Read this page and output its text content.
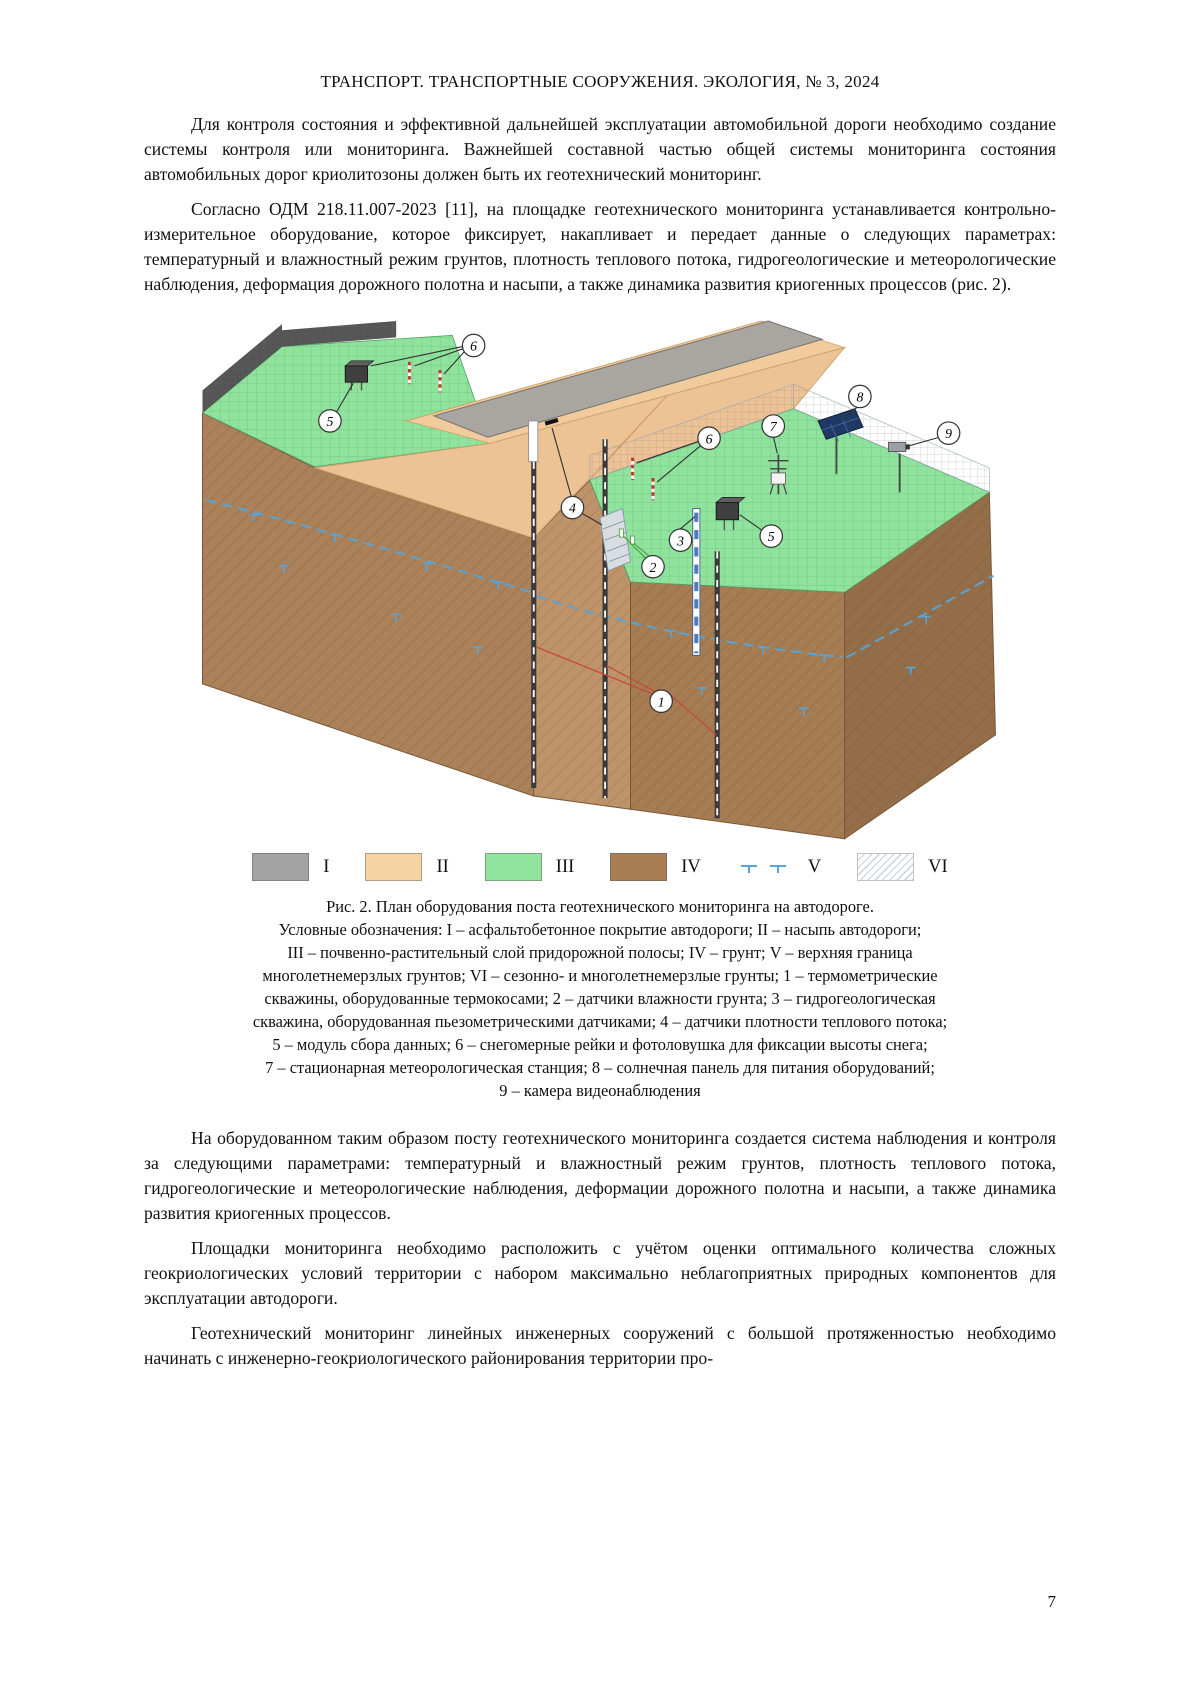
ТРАНСПОРТ. ТРАНСПОРТНЫЕ СООРУЖЕНИЯ. ЭКОЛОГИЯ, № 3, 2024

Для контроля состояния и эффективной дальнейшей эксплуатации автомобильной дороги необходимо создание системы контроля или мониторинга. Важнейшей составной частью общей системы мониторинга состояния автомобильных дорог криолитозоны должен быть их геотехнический мониторинг.

Согласно ОДМ 218.11.007-2023 [11], на площадке геотехнического мониторинга устанавливается контрольно-измерительное оборудование, которое фиксирует, накапливает и передает данные о следующих параметрах: температурный и влажностный режим грунтов, плотность теплового потока, гидрогеологические и метеорологические наблюдения, деформация дорожного полотна и насыпи, а также динамика развития криогенных процессов (рис. 2).

1
2
3
4
5
5
6
6
7
8
9
I	II	III	IV	V	VI
Рис. 2. План оборудования поста геотехнического мониторинга на автодороге.
Условные обозначения: I – асфальтобетонное покрытие автодороги; II – насыпь автодороги;
III – почвенно-растительный слой придорожной полосы; IV – грунт; V – верхняя граница
многолетнемерзлых грунтов; VI – сезонно- и многолетнемерзлые грунты; 1 – термометрические
скважины, оборудованные термокосами; 2 – датчики влажности грунта; 3 – гидрогеологическая
скважина, оборудованная пьезометрическими датчиками; 4 – датчики плотности теплового потока;
5 – модуль сбора данных; 6 – снегомерные рейки и фотоловушка для фиксации высоты снега;
7 – стационарная метеорологическая станция; 8 – солнечная панель для питания оборудований;
9 – камера видеонаблюдения

На оборудованном таким образом посту геотехнического мониторинга создается система наблюдения и контроля за следующими параметрами: температурный и влажностный режим грунтов, плотность теплового потока, гидрогеологические и метеорологические наблюдения, деформации дорожного полотна и насыпи, а также динамика развития криогенных процессов.

Площадки мониторинга необходимо расположить с учётом оценки оптимального количества сложных геокриологических условий территории с набором максимально неблагоприятных природных компонентов для эксплуатации автодороги.

Геотехнический мониторинг линейных инженерных сооружений с большой протяженностью необходимо начинать с инженерно-геокриологического районирования территории про-

7
